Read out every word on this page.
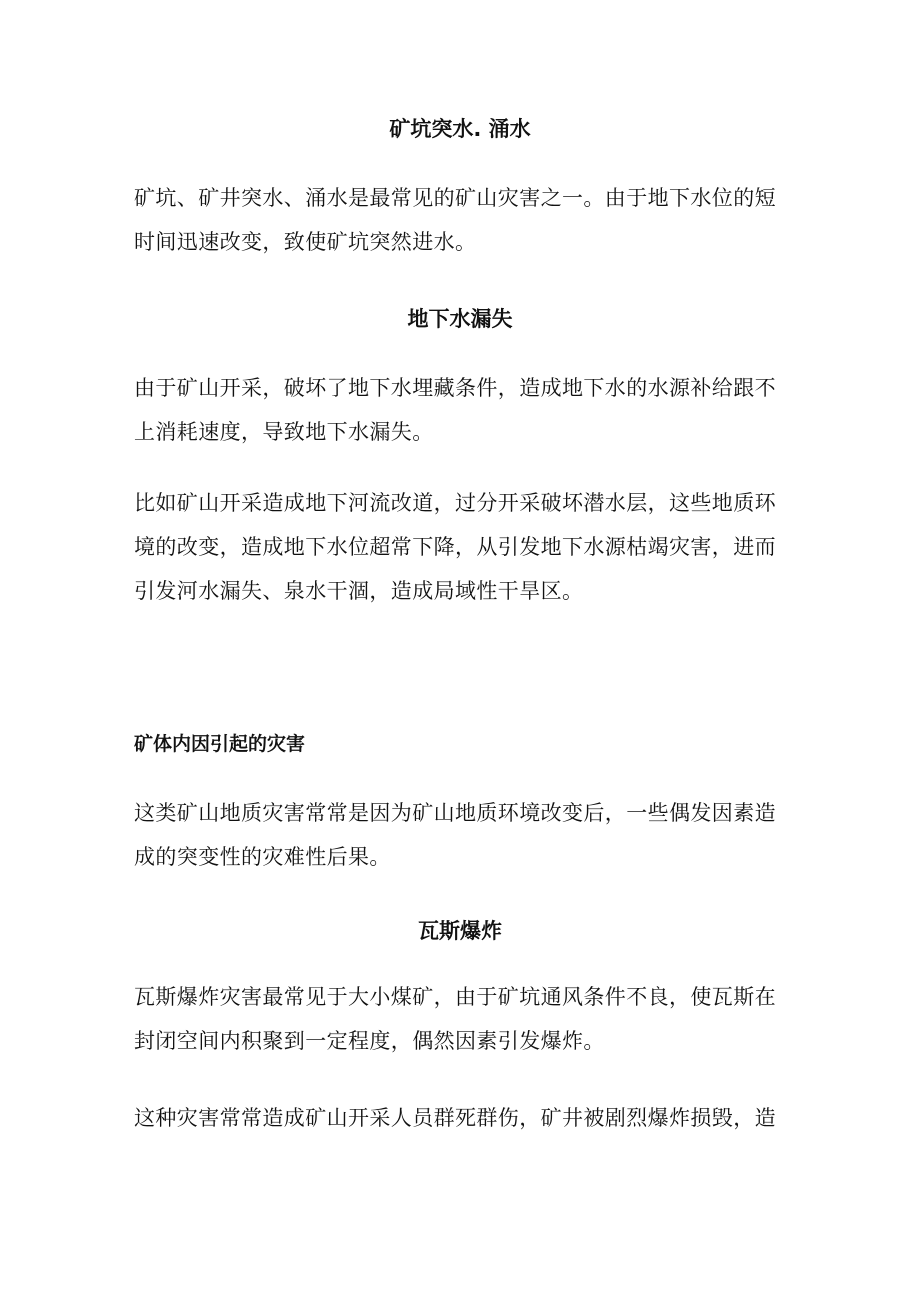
矿坑突水. 涌水

矿坑、矿井突水、涌水是最常见的矿山灾害之一。由于地下水位的短
时间迅速改变，致使矿坑突然进水。

地下水漏失

由于矿山开采，破坏了地下水埋藏条件，造成地下水的水源补给跟不
上消耗速度，导致地下水漏失。

比如矿山开采造成地下河流改道，过分开采破坏潜水层，这些地质环
境的改变，造成地下水位超常下降，从引发地下水源枯竭灾害，进而
引发河水漏失、泉水干涸，造成局域性干旱区。

矿体内因引起的灾害

这类矿山地质灾害常常是因为矿山地质环境改变后，一些偶发因素造
成的突变性的灾难性后果。

瓦斯爆炸

瓦斯爆炸灾害最常见于大小煤矿，由于矿坑通风条件不良，使瓦斯在
封闭空间内积聚到一定程度，偶然因素引发爆炸。

这种灾害常常造成矿山开采人员群死群伤，矿井被剧烈爆炸损毁，造
